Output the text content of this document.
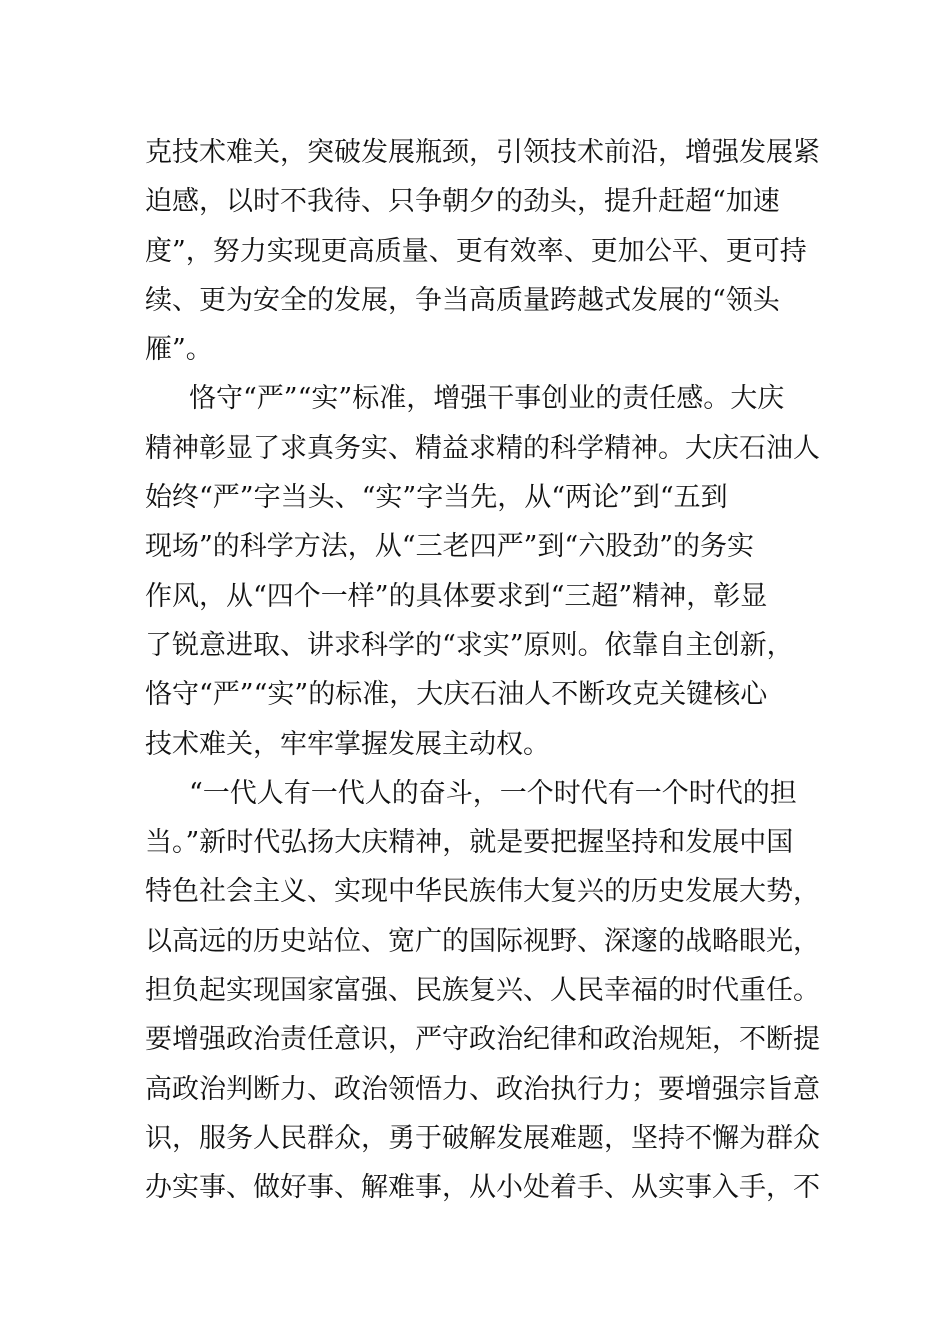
克技术难关，突破发展瓶颈，引领技术前沿，增强发展紧
迫感，以时不我待、只争朝夕的劲头，提升赶超“加速
度”，努力实现更高质量、更有效率、更加公平、更可持
续、更为安全的发展，争当高质量跨越式发展的“领头
雁”。
恪守“严”“实”标准，增强干事创业的责任感。大庆
精神彰显了求真务实、精益求精的科学精神。大庆石油人
始终“严”字当头、“实”字当先，从“两论”到“五到
现场”的科学方法，从“三老四严”到“六股劲”的务实
作风，从“四个一样”的具体要求到“三超”精神，彰显
了锐意进取、讲求科学的“求实”原则。依靠自主创新，
恪守“严”“实”的标准，大庆石油人不断攻克关键核心
技术难关，牢牢掌握发展主动权。
“一代人有一代人的奋斗，一个时代有一个时代的担
当。”新时代弘扬大庆精神，就是要把握坚持和发展中国
特色社会主义、实现中华民族伟大复兴的历史发展大势，
以高远的历史站位、宽广的国际视野、深邃的战略眼光，
担负起实现国家富强、民族复兴、人民幸福的时代重任。
要增强政治责任意识，严守政治纪律和政治规矩，不断提
高政治判断力、政治领悟力、政治执行力；要增强宗旨意
识，服务人民群众，勇于破解发展难题，坚持不懈为群众
办实事、做好事、解难事，从小处着手、从实事入手，不
